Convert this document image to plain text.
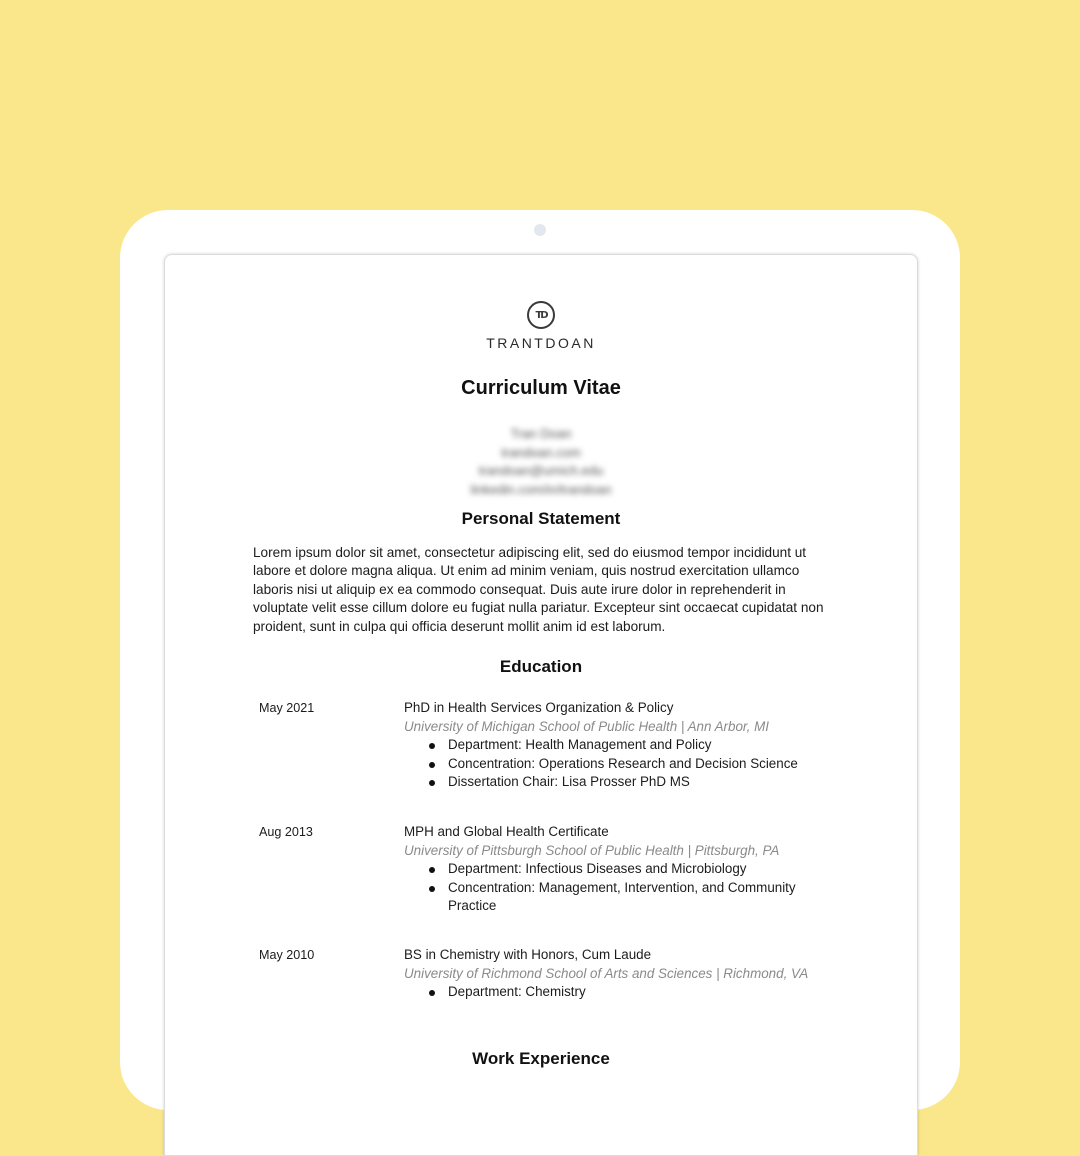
TD
TRANTDOAN
Curriculum Vitae
Tran Doan
trandoan.com
trandoan@umich.edu
linkedin.com/in/trandoan
Personal Statement

Lorem ipsum dolor sit amet, consectetur adipiscing elit, sed do eiusmod tempor incididunt ut labore et dolore magna aliqua. Ut enim ad minim veniam, quis nostrud exercitation ullamco laboris nisi ut aliquip ex ea commodo consequat. Duis aute irure dolor in reprehenderit in voluptate velit esse cillum dolore eu fugiat nulla pariatur. Excepteur sint occaecat cupidatat non proident, sunt in culpa qui officia deserunt mollit anim id est laborum.

Education
May 2021	PhD in Health Services Organization & Policy
University of Michigan School of Public Health | Ann Arbor, MI
Department: Health Management and Policy
Concentration: Operations Research and Decision Science
Dissertation Chair: Lisa Prosser PhD MS
Aug 2013	MPH and Global Health Certificate
University of Pittsburgh School of Public Health | Pittsburgh, PA
Department: Infectious Diseases and Microbiology
Concentration: Management, Intervention, and Community Practice
May 2010	BS in Chemistry with Honors, Cum Laude
University of Richmond School of Arts and Sciences | Richmond, VA
Department: Chemistry
Work Experience
